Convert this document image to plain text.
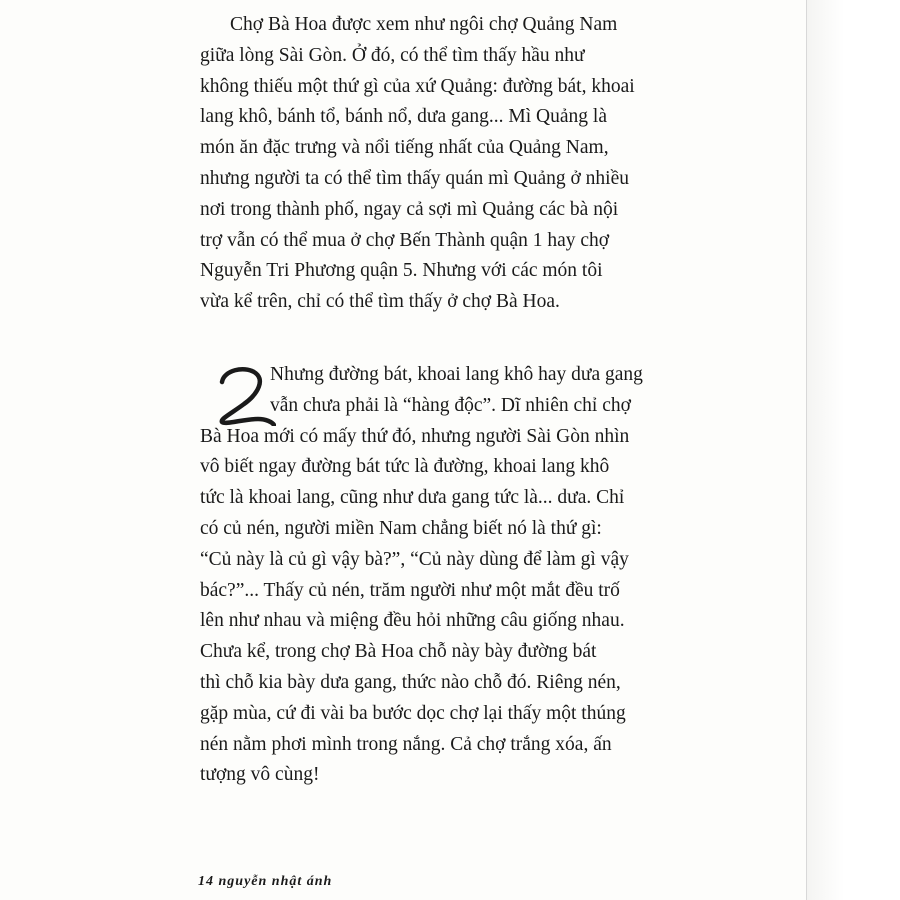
Chợ Bà Hoa được xem như ngôi chợ Quảng Nam
giữa lòng Sài Gòn. Ở đó, có thể tìm thấy hầu như
không thiếu một thứ gì của xứ Quảng: đường bát, khoai
lang khô, bánh tổ, bánh nổ, dưa gang... Mì Quảng là
món ăn đặc trưng và nổi tiếng nhất của Quảng Nam,
nhưng người ta có thể tìm thấy quán mì Quảng ở nhiều
nơi trong thành phố, ngay cả sợi mì Quảng các bà nội
trợ vẫn có thể mua ở chợ Bến Thành quận 1 hay chợ
Nguyễn Tri Phương quận 5. Nhưng với các món tôi
vừa kể trên, chỉ có thể tìm thấy ở chợ Bà Hoa.
Nhưng đường bát, khoai lang khô hay dưa gang
vẫn chưa phải là “hàng độc”. Dĩ nhiên chỉ chợ
Bà Hoa mới có mấy thứ đó, nhưng người Sài Gòn nhìn
vô biết ngay đường bát tức là đường, khoai lang khô
tức là khoai lang, cũng như dưa gang tức là... dưa. Chỉ
có củ nén, người miền Nam chẳng biết nó là thứ gì:
“Củ này là củ gì vậy bà?”, “Củ này dùng để làm gì vậy
bác?”... Thấy củ nén, trăm người như một mắt đều trố
lên như nhau và miệng đều hỏi những câu giống nhau.
Chưa kể, trong chợ Bà Hoa chỗ này bày đường bát
thì chỗ kia bày dưa gang, thức nào chỗ đó. Riêng nén,
gặp mùa, cứ đi vài ba bước dọc chợ lại thấy một thúng
nén nằm phơi mình trong nắng. Cả chợ trắng xóa, ấn
tượng vô cùng!
14 nguyễn nhật ánh
